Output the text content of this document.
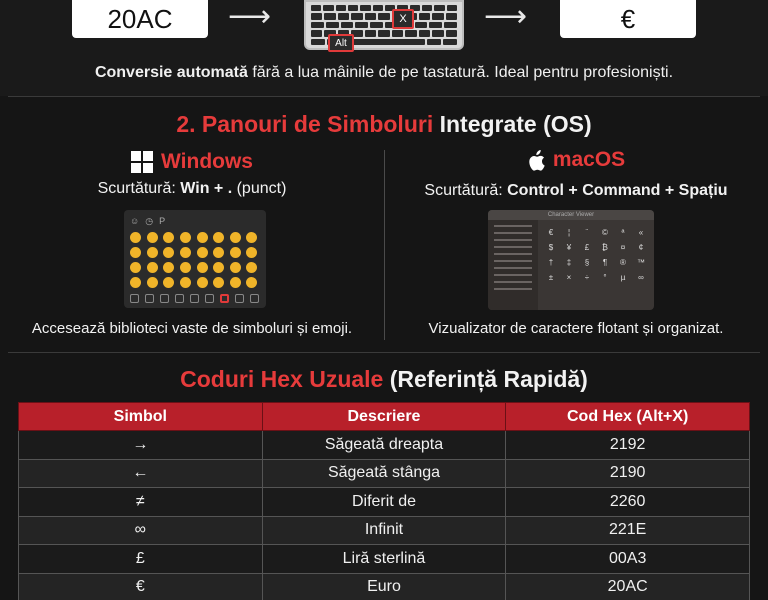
20AC ⟶	X
Alt
⟶	€
Conversie automată fără a lua mâinile de pe tastatură. Ideal pentru profesioniști.
2. Panouri de Simboluri Integrate (OS)
Windows
Scurtătură: Win + . (punct)
☺ ◷ P
Accesează biblioteci vaste de simboluri și emoji.
macOS
Scurtătură: Control + Command + Spațiu
Character Viewer
€	¦	¨	©	ª	«
$	¥	£	₿	¤	¢
†	‡	§	¶	®	™
±	×	÷	°	µ	∞
Vizualizator de caractere flotant și organizat.
Coduri Hex Uzuale (Referință Rapidă)
Simbol	Descriere	Cod Hex (Alt+X)
→	Săgeată dreapta	2192
←	Săgeată stânga	2190
≠	Diferit de	2260
∞	Infinit	221E
£	Liră sterlină	00A3
€	Euro	20AC
